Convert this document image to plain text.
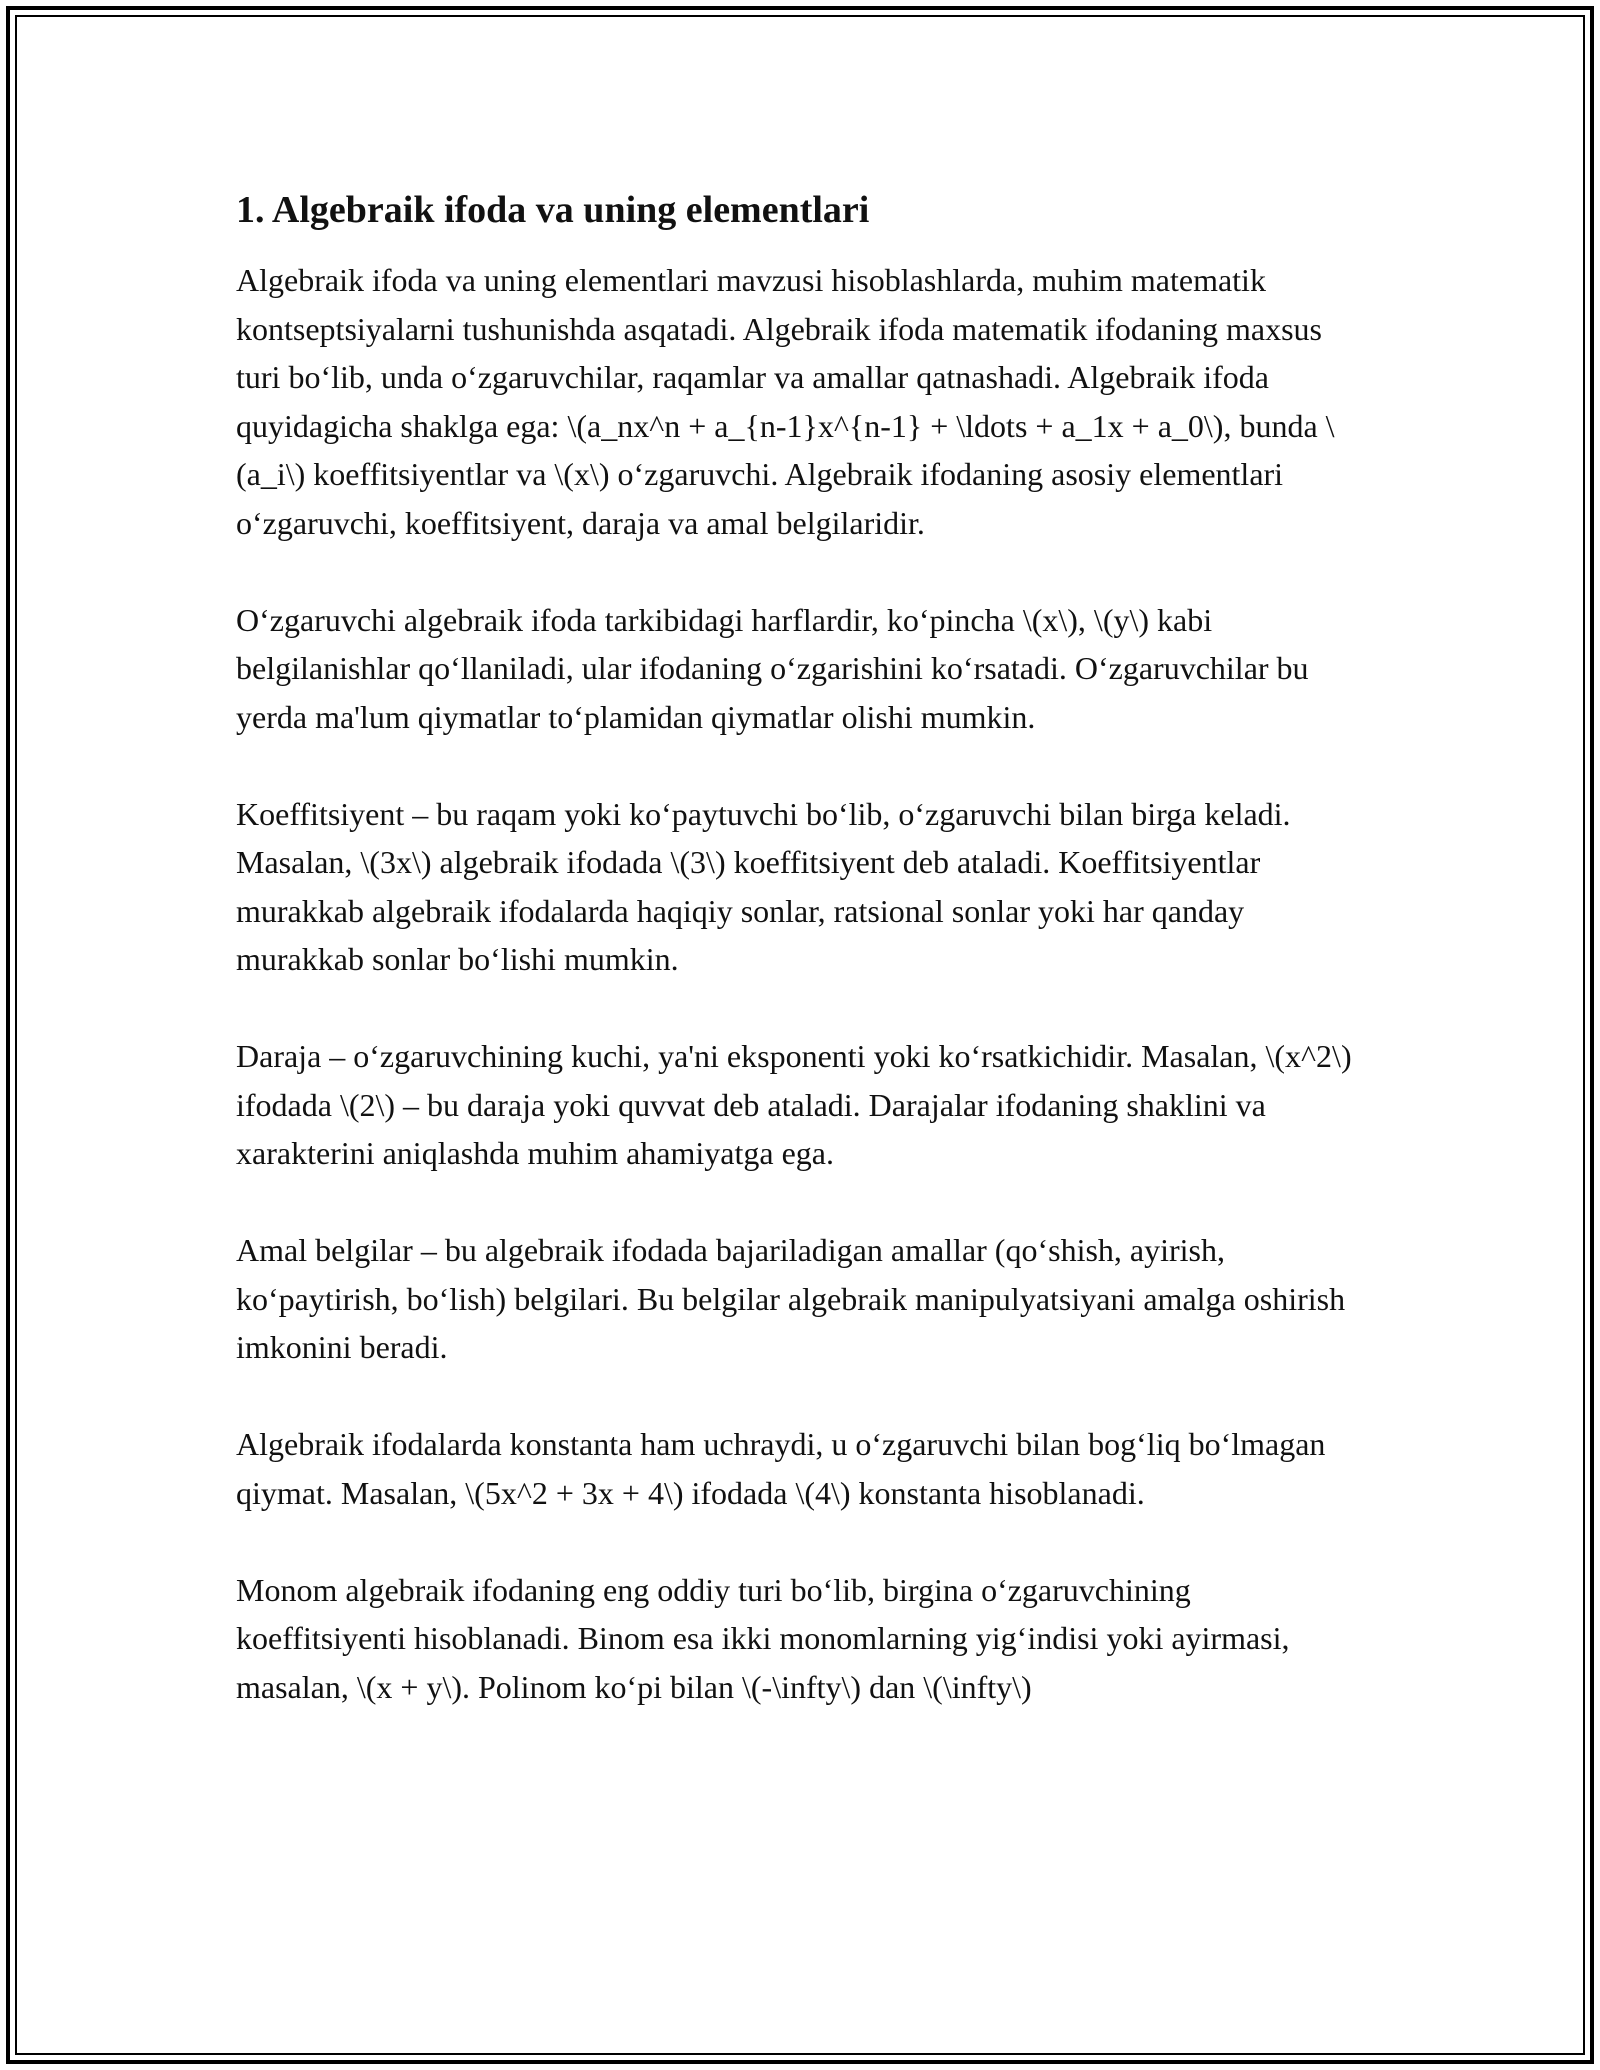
1. Algebraik ifoda va uning elementlari

Algebraik ifoda va uning elementlari mavzusi hisoblashlarda, muhim matematik kontseptsiyalarni tushunishda asqatadi. Algebraik ifoda matematik ifodaning maxsus turi bo‘lib, unda o‘zgaruvchilar, raqamlar va amallar qatnashadi. Algebraik ifoda quyidagicha shaklga ega: \(a_nx^n + a_{n-1}x^{n-1} + \ldots + a_1x + a_0\), bunda \(a_i\) koeffitsiyentlar va \(x\) o‘zgaruvchi. Algebraik ifodaning asosiy elementlari o‘zgaruvchi, koeffitsiyent, daraja va amal belgilaridir.

O‘zgaruvchi algebraik ifoda tarkibidagi harflardir, ko‘pincha \(x\), \(y\) kabi belgilanishlar qo‘llaniladi, ular ifodaning o‘zgarishini ko‘rsatadi. O‘zgaruvchilar bu yerda ma'lum qiymatlar to‘plamidan qiymatlar olishi mumkin.

Koeffitsiyent – bu raqam yoki ko‘paytuvchi bo‘lib, o‘zgaruvchi bilan birga keladi. Masalan, \(3x\) algebraik ifodada \(3\) koeffitsiyent deb ataladi. Koeffitsiyentlar murakkab algebraik ifodalarda haqiqiy sonlar, ratsional sonlar yoki har qanday murakkab sonlar bo‘lishi mumkin.

Daraja – o‘zgaruvchining kuchi, ya'ni eksponenti yoki ko‘rsatkichidir. Masalan, \(x^2\) ifodada \(2\) – bu daraja yoki quvvat deb ataladi. Darajalar ifodaning shaklini va xarakterini aniqlashda muhim ahamiyatga ega.

Amal belgilar – bu algebraik ifodada bajariladigan amallar (qo‘shish, ayirish, ko‘paytirish, bo‘lish) belgilari. Bu belgilar algebraik manipulyatsiyani amalga oshirish imkonini beradi.

Algebraik ifodalarda konstanta ham uchraydi, u o‘zgaruvchi bilan bog‘liq bo‘lmagan qiymat. Masalan, \(5x^2 + 3x + 4\) ifodada \(4\) konstanta hisoblanadi.

Monom algebraik ifodaning eng oddiy turi bo‘lib, birgina o‘zgaruvchining koeffitsiyenti hisoblanadi. Binom esa ikki monomlarning yig‘indisi yoki ayirmasi, masalan, \(x + y\). Polinom ko‘pi bilan \(-\infty\) dan \(\infty\)
